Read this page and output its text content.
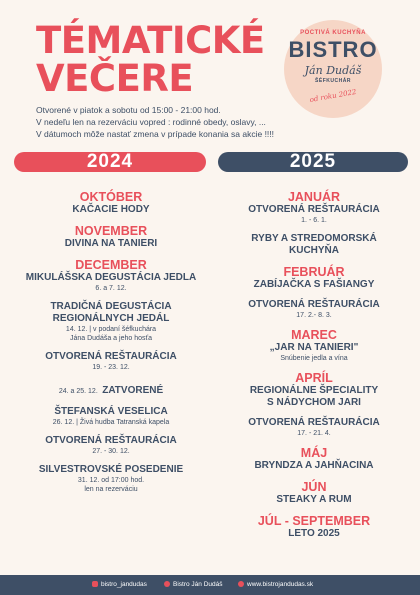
TÉMATICKÉ
VEČERE
POCTIVÁ KUCHYŇA
BISTRO
Ján Dudáš
ŠÉFKUCHÁR
od roku 2022
Otvorené v piatok a sobotu od 15:00 - 21:00 hod.
V nedeľu len na rezerváciu vopred : rodinné obedy, oslavy, ...
V dátumoch môže nastať zmena v prípade konania sa akcie !!!!
2024	2025
OKTÓBER
KAČACIE HODY
NOVEMBER
DIVINA NA TANIERI
DECEMBER
MIKULÁŠSKA DEGUSTÁCIA JEDLA
6. a 7. 12.
TRADIČNÁ DEGUSTÁCIA
REGIONÁLNYCH JEDÁL
14. 12. | v podaní šéfkuchára
Jána Dudáša a jeho hosťa
OTVORENÁ REŠTAURÁCIA
19. - 23. 12.
24. a 25. 12. ZATVORENÉ
ŠTEFANSKÁ VESELICA
26. 12. | Živá hudba Tatranská kapela
OTVORENÁ REŠTAURÁCIA
27. - 30. 12.
SILVESTROVSKÉ POSEDENIE
31. 12. od 17:00 hod.
len na rezerváciu
JANUÁR
OTVORENÁ REŠTAURÁCIA
1. - 6. 1.
RYBY A STREDOMORSKÁ
KUCHYŇA
FEBRUÁR
ZABÍJAČKA S FAŠIANGY
OTVORENÁ REŠTAURÁCIA
17. 2.- 8. 3.
MAREC
„JAR NA TANIERI"
Snúbenie jedla a vína
APRÍL
REGIONÁLNE ŠPECIALITY
S NÁDYCHOM JARI
OTVORENÁ REŠTAURÁCIA
17. - 21. 4.
MÁJ
BRYNDZA A JAHŇACINA
JÚN
STEAKY A RUM
JÚL - SEPTEMBER
LETO 2025
bistro_jandudas	Bistro Ján Dudáš	www.bistrojandudas.sk
